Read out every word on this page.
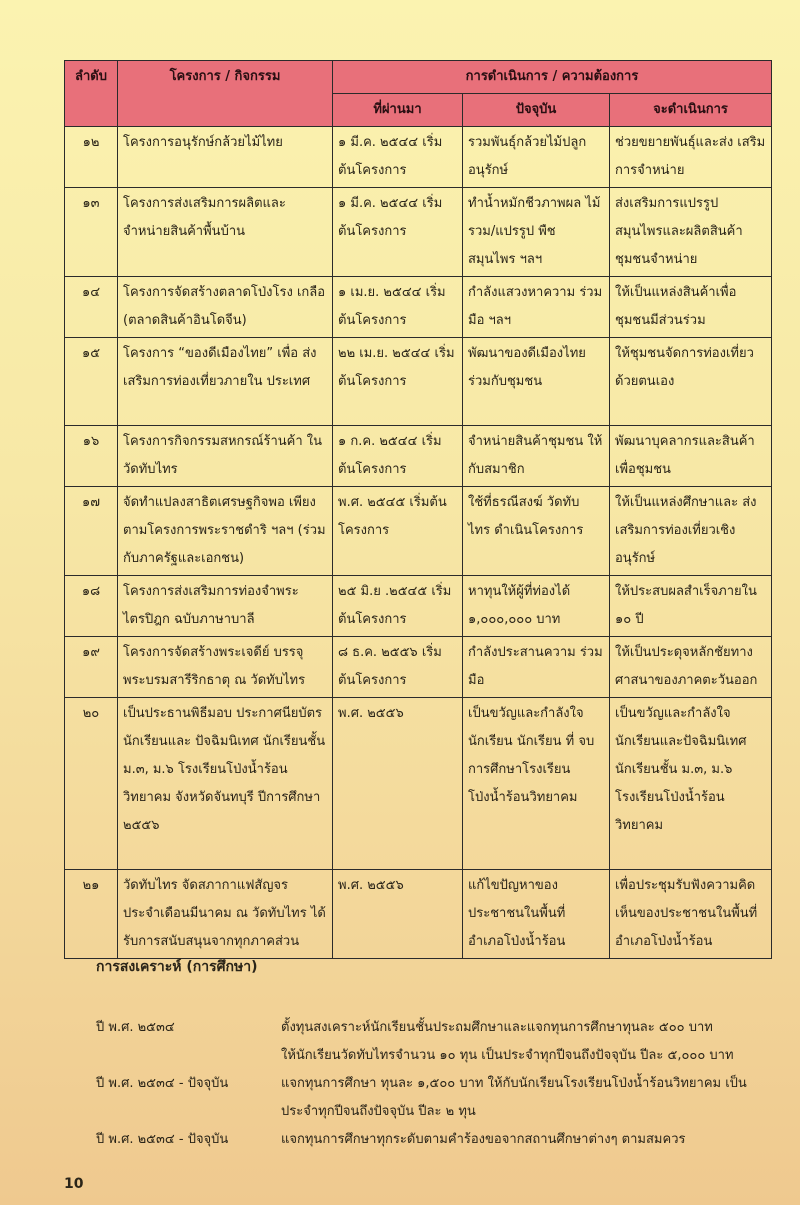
ลำดับ	โครงการ / กิจกรรม	การดำเนินการ / ความต้องการ		
		ที่ผ่านมา	ปัจจุบัน	จะดำเนินการ
๑๒	โครงการอนุรักษ์กล้วยไม้ไทย	๑ มี.ค. ๒๕๔๔ เริ่มต้นโครงการ	รวมพันธุ์กล้วยไม้ปลูก อนุรักษ์	ช่วยขยายพันธุ์และส่ง เสริมการจำหน่าย
๑๓	โครงการส่งเสริมการผลิตและ จำหน่ายสินค้าพื้นบ้าน	๑ มี.ค. ๒๕๔๔ เริ่มต้นโครงการ	ทำน้ำหมักชีวภาพผล ไม้รวม/แปรรูป พืช สมุนไพร ฯลฯ	ส่งเสริมการแปรรูป สมุนไพรและผลิตสินค้า ชุมชนจำหน่าย
๑๔	โครงการจัดสร้างตลาดโป่งโรง เกลือ (ตลาดสินค้าอินโดจีน)	๑ เม.ย. ๒๕๔๔ เริ่มต้นโครงการ	กำลังแสวงหาความ ร่วมมือ ฯลฯ	ให้เป็นแหล่งสินค้าเพื่อ ชุมชนมีส่วนร่วม
๑๕	โครงการ “ของดีเมืองไทย” เพื่อ ส่งเสริมการท่องเที่ยวภายใน ประเทศ	๒๒ เม.ย. ๒๕๔๔ เริ่มต้นโครงการ	พัฒนาของดีเมืองไทย ร่วมกับชุมชน	ให้ชุมชนจัดการท่องเที่ยว ด้วยตนเอง
๑๖	โครงการกิจกรรมสหกรณ์ร้านค้า ในวัดทับไทร	๑ ก.ค. ๒๕๔๔ เริ่มต้นโครงการ	จำหน่ายสินค้าชุมชน ให้กับสมาชิก	พัฒนาบุคลากรและสินค้า เพื่อชุมชน
๑๗	จัดทำแปลงสาธิตเศรษฐกิจพอ เพียงตามโครงการพระราชดำริ ฯลฯ (ร่วมกับภาครัฐและเอกชน)	พ.ศ. ๒๕๔๕ เริ่มต้นโครงการ	ใช้ที่ธรณีสงฆ์ วัดทับ ไทร ดำเนินโครงการ	ให้เป็นแหล่งศึกษาและ ส่งเสริมการท่องเที่ยวเชิง อนุรักษ์
๑๘	โครงการส่งเสริมการท่องจำพระ ไตรปิฎก ฉบับภาษาบาลี	๒๕ มิ.ย .๒๕๔๕ เริ่มต้นโครงการ	หาทุนให้ผู้ที่ท่องได้ ๑,๐๐๐,๐๐๐ บาท	ให้ประสบผลสำเร็จภายใน ๑๐ ปี
๑๙	โครงการจัดสร้างพระเจดีย์ บรรจุ พระบรมสารีริกธาตุ ณ วัดทับไทร	๘ ธ.ค. ๒๕๕๖ เริ่มต้นโครงการ	กำลังประสานความ ร่วมมือ	ให้เป็นประดุจหลักชัยทาง ศาสนาของภาคตะวันออก
๒๐	เป็นประธานพิธีมอบ ประกาศนียบัตรนักเรียนและ ปัจฉิมนิเทศ นักเรียนชั้น ม.๓, ม.๖ โรงเรียนโป่งน้ำร้อนวิทยาคม จังหวัดจันทบุรี ปีการศึกษา ๒๕๕๖	พ.ศ. ๒๕๕๖	เป็นขวัญและกำลังใจ นักเรียน นักเรียน ที่ จบการศึกษาโรงเรียน โป่งน้ำร้อนวิทยาคม	เป็นขวัญและกำลังใจ นักเรียนและปัจฉิมนิเทศ นักเรียนชั้น ม.๓, ม.๖ โรงเรียนโป่งน้ำร้อน วิทยาคม
๒๑	วัดทับไทร จัดสภากาแฟสัญจร ประจำเดือนมีนาคม ณ วัดทับไทร ได้รับการสนับสนุนจากทุกภาคส่วน	พ.ศ. ๒๕๕๖	แก้ไขปัญหาของ ประชาชนในพื้นที่ อำเภอโป่งน้ำร้อน	เพื่อประชุมรับฟังความคิด เห็นของประชาชนในพื้นที่ อำเภอโป่งน้ำร้อน
การสงเคราะห์ (การศึกษา)
ปี พ.ศ. ๒๕๓๔	ตั้งทุนสงเคราะห์นักเรียนชั้นประถมศึกษาและแจกทุนการศึกษาทุนละ ๕๐๐ บาท
ให้นักเรียนวัดทับไทรจำนวน ๑๐ ทุน เป็นประจำทุกปีจนถึงปัจจุบัน ปีละ ๕,๐๐๐ บาท
ปี พ.ศ. ๒๕๓๔ - ปัจจุบัน	แจกทุนการศึกษา ทุนละ ๑,๕๐๐ บาท ให้กับนักเรียนโรงเรียนโป่งน้ำร้อนวิทยาคม เป็น
ประจำทุกปีจนถึงปัจจุบัน ปีละ ๒ ทุน
ปี พ.ศ. ๒๕๓๔ - ปัจจุบัน	แจกทุนการศึกษาทุกระดับตามคำร้องขอจากสถานศึกษาต่างๆ ตามสมควร
10
